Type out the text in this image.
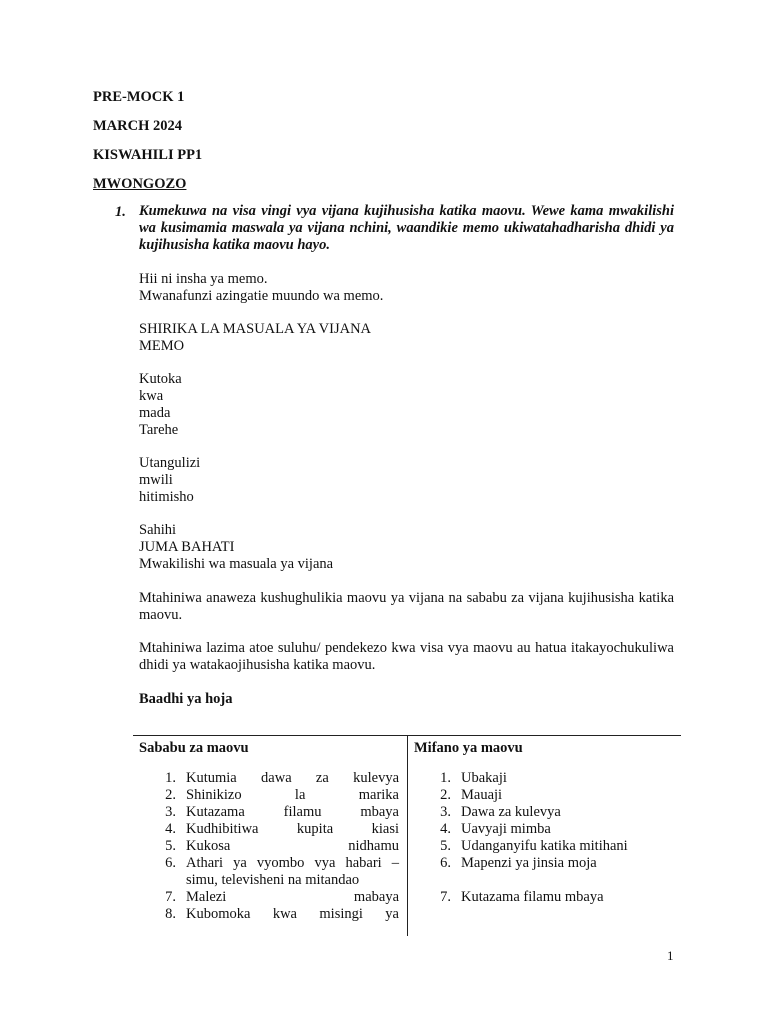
PRE-MOCK 1
MARCH 2024
KISWAHILI PP1
MWONGOZO
1. Kumekuwa na visa vingi vya vijana kujihusisha katika maovu. Wewe kama mwakilishi wa kusimamia maswala ya vijana nchini, waandikie memo ukiwatahadharisha dhidi ya kujihusisha katika maovu hayo.
Hii ni insha ya memo.
Mwanafunzi azingatie muundo wa memo.
SHIRIKA LA MASUALA YA VIJANA
MEMO
Kutoka
kwa
mada
Tarehe
Utangulizi
mwili
hitimisho
Sahihi
JUMA BAHATI
Mwakilishi wa masuala ya vijana
Mtahiniwa anaweza kushughulikia maovu ya vijana na sababu za vijana kujihusisha katika maovu.
Mtahiniwa lazima atoe suluhu/ pendekezo kwa visa vya maovu au hatua itakayochukuliwa dhidi ya watakaojihusisha katika maovu.
Baadhi ya hoja
Sababu za maovu
1. Kutumia dawa za kulevya
2. Shinikizo la marika
3. Kutazama filamu mbaya
4. Kudhibitiwa kupita kiasi
5. Kukosa nidhamu
6. Athari ya vyombo vya habari –
simu, televisheni na mitandao
7. Malezi mabaya
8. Kubomoka kwa misingi ya
Mifano ya maovu
1. Ubakaji
2. Mauaji
3. Dawa za kulevya
4. Uavyaji mimba
5. Udanganyifu katika mitihani
6. Mapenzi ya jinsia moja
7. Kutazama filamu mbaya
1
